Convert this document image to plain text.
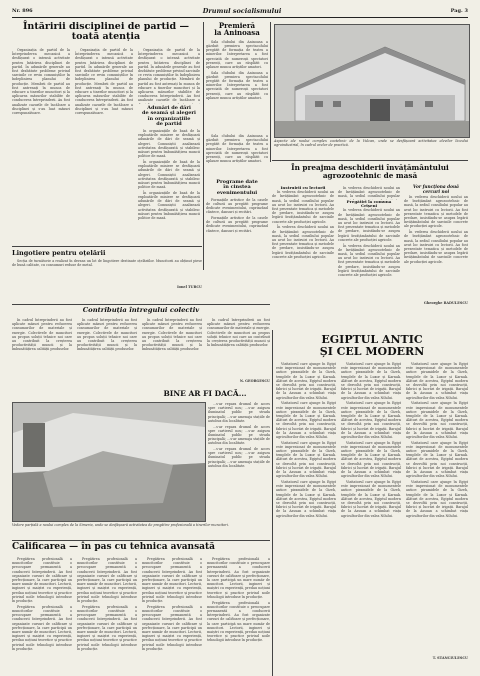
Nr. 896	Drumul socialismului	Pag. 3
Întăririi disciplinei de partid —
toată atenția

Organizația de partid de la Întreprinderea mecanică a desfășurat o intensă activitate pentru întărirea disciplinei de partid. În adunările generale au fost dezbătute probleme privind sarcinile ce revin comuniștilor în îndeplinirea planului de producție. Membrii de partid au fost antrenați în munca de educare a tinerilor muncitori și la aplicarea măsurilor stabilite de conducerea întreprinderii. Au fost analizate cazurile de încălcare a disciplinei și s-au luat măsuri corespunzătoare.

Organizația de partid de la Întreprinderea mecanică a desfășurat o intensă activitate pentru întărirea disciplinei de partid. În adunările generale au fost dezbătute probleme privind sarcinile ce revin comuniștilor în îndeplinirea planului de producție. Membrii de partid au fost antrenați în munca de educare a tinerilor muncitori și la aplicarea măsurilor stabilite de conducerea întreprinderii. Au fost analizate cazurile de încălcare a disciplinei și s-au luat măsuri corespunzătoare.

Organizația de partid de la Întreprinderea mecanică a desfășurat o intensă activitate pentru întărirea disciplinei de partid. În adunările generale au fost dezbătute probleme privind sarcinile ce revin comuniștilor în îndeplinirea planului de producție. Membrii de partid au fost antrenați în munca de educare a tinerilor muncitori și la aplicarea măsurilor stabilite de conducerea întreprinderii. Au fost analizate cazurile de încălcare a

Adunări de dări
de seamă și alegeri
în organizațiile
de partid

În organizațiile de bază de la exploatările miniere se desfășoară adunările de dări de seamă și alegeri. Comuniștii analizează activitatea desfășurată și stabilesc măsuri pentru îmbunătățirea muncii politice de masă.

În organizațiile de bază de la exploatările miniere se desfășoară adunările de dări de seamă și alegeri. Comuniștii analizează activitatea desfășurată și stabilesc măsuri pentru îmbunătățirea muncii politice de masă.

În organizațiile de bază de la exploatările miniere se desfășoară adunările de dări de seamă și alegeri. Comuniștii analizează activitatea desfășurată și stabilesc măsuri pentru îmbunătățirea muncii politice de masă.

Premieră
la Aninoasa

Sala clubului din Aninoasa a găzduit premiera spectacolului pregătit de formația de teatru a minerilor. Interpretarea a fost apreciată de numeroșii spectatori prezenți, care au răsplătit cu aplauze munca artiștilor amatori.

Sala clubului din Aninoasa a găzduit premiera spectacolului pregătit de formația de teatru a minerilor. Interpretarea a fost apreciată de numeroșii spectatori prezenți, care au răsplătit cu aplauze munca artiștilor amatori.

Sala clubului din Aninoasa a găzduit premiera spectacolului pregătit de formația de teatru a minerilor. Interpretarea a fost apreciată de numeroșii spectatori prezenți, care au răsplătit cu aplauze munca artiștilor amatori.

Programe date
în cinstea
evenimentului

Formațiile artistice de la casele de cultură au pregătit programe dedicate evenimentului, cuprinzând cântece, dansuri și recitări.

Formațiile artistice de la casele de cultură au pregătit programe dedicate evenimentului, cuprinzând cântece, dansuri și recitări.

Aspecte ale noului complex zootehnic de la Vulcan, unde se desfășoară activitatea elevilor liceului agroindustrial, în cadrul orelor de practică.
În preajma deschiderii învățământului
agrozootehnic de masă
Instruirii cu lectorii

În vederea deschiderii noului an de învățământ agrozootehnic de masă, la sediul consiliului popular au avut loc instruiri cu lectorii. Au fost prezentate tematica și metodele de predare, insistându-se asupra legării învățământului de sarcinile concrete ale producției agricole.

În vederea deschiderii noului an de învățământ agrozootehnic de masă, la sediul consiliului popular au avut loc instruiri cu lectorii. Au fost prezentate tematica și metodele de predare, insistându-se asupra legării învățământului de sarcinile concrete ale producției agricole.

În vederea deschiderii noului an de învățământ agrozootehnic de masă, la sediul consiliului popular

Pregătiri la comuna Crișeni

În vederea deschiderii noului an de învățământ agrozootehnic de masă, la sediul consiliului popular au avut loc instruiri cu lectorii. Au fost prezentate tematica și metodele de predare, insistându-se asupra legării învățământului de sarcinile concrete ale producției agricole.

În vederea deschiderii noului an de învățământ agrozootehnic de masă, la sediul consiliului popular au avut loc instruiri cu lectorii. Au fost prezentate tematica și metodele de predare, insistându-se asupra legării învățământului de sarcinile concrete ale producției agricole.

Vor funcționa două cercuri noi

În vederea deschiderii noului an de învățământ agrozootehnic de masă, la sediul consiliului popular au avut loc instruiri cu lectorii. Au fost prezentate tematica și metodele de predare, insistându-se asupra legării învățământului de sarcinile concrete ale producției agricole.

În vederea deschiderii noului an de învățământ agrozootehnic de masă, la sediul consiliului popular au avut loc instruiri cu lectorii. Au fost prezentate tematica și metodele de predare, insistându-se asupra legării învățământului de sarcinile concrete ale producției agricole.

Gheorghe RADULESCU
Lingotiere pentru oțelării

Secția de turnătorie a realizat în devans un lot de lingotiere destinate oțelăriilor. Muncitorii au obținut piese de bună calitate, cu consumuri reduse de metal.

Ionel TURCU
Contribuția întregului colectiv

În cadrul întreprinderii au fost aplicate măsuri pentru reducerea consumurilor de materiale și energie. Colectivele de muncitori au propus soluții tehnice noi care au contribuit la creșterea productivității muncii și la îmbunătățirea calității produselor.

În cadrul întreprinderii au fost aplicate măsuri pentru reducerea consumurilor de materiale și energie. Colectivele de muncitori au propus soluții tehnice noi care au contribuit la creșterea productivității muncii și la îmbunătățirea calității produselor.

În cadrul întreprinderii au fost aplicate măsuri pentru reducerea consumurilor de materiale și energie. Colectivele de muncitori au propus soluții tehnice noi care au contribuit la creșterea productivității muncii și la îmbunătățirea calității produselor.

În cadrul întreprinderii au fost aplicate măsuri pentru reducerea consumurilor de materiale și energie. Colectivele de muncitori au propus soluții tehnice noi care au contribuit la creșterea productivității muncii și la îmbunătățirea calității produselor.

N. GEORGESCU
BINE AR FI DACĂ...

...s-ar repara drumul de acces spre cartierul nou; ...s-ar asigura iluminatul public pe strada principală; ...s-ar amenaja stațiile de autobuz din localitate.

...s-ar repara drumul de acces spre cartierul nou; ...s-ar asigura iluminatul public pe strada principală; ...s-ar amenaja stațiile de autobuz din localitate.

...s-ar repara drumul de acces spre cartierul nou; ...s-ar asigura iluminatul public pe strada principală; ...s-ar amenaja stațiile de autobuz din localitate.

Vedere parțială a noului complex de la Simeria, unde se desfășoară activitatea de pregătire profesională a tinerilor muncitori.
EGIPTUL ANTIC
ȘI CEL MODERN

Vizitatorul care ajunge în Egipt este impresionat de monumentele antice: piramidele de la Gizeh, templele de la Luxor și Karnak. Alături de acestea, Egiptul modern se dezvoltă prin noi construcții, fabrici și lucrări de irigații. Barajul de la Assuan a schimbat viața agricultorilor din valea Nilului.

Vizitatorul care ajunge în Egipt este impresionat de monumentele antice: piramidele de la Gizeh, templele de la Luxor și Karnak. Alături de acestea, Egiptul modern se dezvoltă prin noi construcții, fabrici și lucrări de irigații. Barajul de la Assuan a schimbat viața agricultorilor din valea Nilului.

Vizitatorul care ajunge în Egipt este impresionat de monumentele antice: piramidele de la Gizeh, templele de la Luxor și Karnak. Alături de acestea, Egiptul modern se dezvoltă prin noi construcții, fabrici și lucrări de irigații. Barajul de la Assuan a schimbat viața agricultorilor din valea Nilului.

Vizitatorul care ajunge în Egipt este impresionat de monumentele antice: piramidele de la Gizeh, templele de la Luxor și Karnak. Alături de acestea, Egiptul modern se dezvoltă prin noi construcții, fabrici și lucrări de irigații. Barajul de la Assuan a schimbat viața agricultorilor din valea Nilului.

Vizitatorul care ajunge în Egipt este impresionat de monumentele antice: piramidele de la Gizeh, templele de la Luxor și Karnak. Alături de acestea, Egiptul modern se dezvoltă prin noi construcții, fabrici și lucrări de irigații. Barajul de la Assuan a schimbat viața agricultorilor din valea Nilului.

Vizitatorul care ajunge în Egipt este impresionat de monumentele antice: piramidele de la Gizeh, templele de la Luxor și Karnak. Alături de acestea, Egiptul modern se dezvoltă prin noi construcții, fabrici și lucrări de irigații. Barajul de la Assuan a schimbat viața agricultorilor din valea Nilului.

Vizitatorul care ajunge în Egipt este impresionat de monumentele antice: piramidele de la Gizeh, templele de la Luxor și Karnak. Alături de acestea, Egiptul modern se dezvoltă prin noi construcții, fabrici și lucrări de irigații. Barajul de la Assuan a schimbat viața agricultorilor din valea Nilului.

Vizitatorul care ajunge în Egipt este impresionat de monumentele antice: piramidele de la Gizeh, templele de la Luxor și Karnak. Alături de acestea, Egiptul modern se dezvoltă prin noi construcții, fabrici și lucrări de irigații. Barajul de la Assuan a schimbat viața agricultorilor din valea Nilului.

Vizitatorul care ajunge în Egipt este impresionat de monumentele antice: piramidele de la Gizeh, templele de la Luxor și Karnak. Alături de acestea, Egiptul modern se dezvoltă prin noi construcții, fabrici și lucrări de irigații. Barajul de la Assuan a schimbat viața agricultorilor din valea Nilului.

Vizitatorul care ajunge în Egipt este impresionat de monumentele antice: piramidele de la Gizeh, templele de la Luxor și Karnak. Alături de acestea, Egiptul modern se dezvoltă prin noi construcții, fabrici și lucrări de irigații. Barajul de la Assuan a schimbat viața agricultorilor din valea Nilului.

Vizitatorul care ajunge în Egipt este impresionat de monumentele antice: piramidele de la Gizeh, templele de la Luxor și Karnak. Alături de acestea, Egiptul modern se dezvoltă prin noi construcții, fabrici și lucrări de irigații. Barajul de la Assuan a schimbat viața agricultorilor din valea Nilului.

Vizitatorul care ajunge în Egipt este impresionat de monumentele antice: piramidele de la Gizeh, templele de la Luxor și Karnak. Alături de acestea, Egiptul modern se dezvoltă prin noi construcții, fabrici și lucrări de irigații. Barajul de la Assuan a schimbat viața agricultorilor din valea Nilului.

T. STANCIULESCU
Calificarea — în pas cu tehnica avansată

Pregătirea profesională a muncitorilor constituie o preocupare permanentă a conducerii întreprinderii. Au fost organizate cursuri de calificare și perfecționare, la care participă un mare număr de muncitori. Lectorii, ingineri și maiștri cu experiență, predau noțiuni teoretice și practice privind noile tehnologii introduse în producție.

Pregătirea profesională a muncitorilor constituie o preocupare permanentă a conducerii întreprinderii. Au fost organizate cursuri de calificare și perfecționare, la care participă un mare număr de muncitori. Lectorii, ingineri și maiștri cu experiență, predau noțiuni teoretice și practice privind noile tehnologii introduse în producție.

Pregătirea profesională a muncitorilor constituie o preocupare permanentă a conducerii întreprinderii. Au fost organizate cursuri de calificare și perfecționare, la care participă un mare număr de muncitori. Lectorii, ingineri și maiștri cu experiență, predau noțiuni teoretice și practice privind noile tehnologii introduse în producție.

Pregătirea profesională a muncitorilor constituie o preocupare permanentă a conducerii întreprinderii. Au fost organizate cursuri de calificare și perfecționare, la care participă un mare număr de muncitori. Lectorii, ingineri și maiștri cu experiență, predau noțiuni teoretice și practice privind noile tehnologii introduse în producție.

Pregătirea profesională a muncitorilor constituie o preocupare permanentă a conducerii întreprinderii. Au fost organizate cursuri de calificare și perfecționare, la care participă un mare număr de muncitori. Lectorii, ingineri și maiștri cu experiență, predau noțiuni teoretice și practice privind noile tehnologii introduse în producție.

Pregătirea profesională a muncitorilor constituie o preocupare permanentă a conducerii întreprinderii. Au fost organizate cursuri de calificare și perfecționare, la care participă un mare număr de muncitori. Lectorii, ingineri și maiștri cu experiență, predau noțiuni teoretice și practice privind noile tehnologii introduse în producție.

Pregătirea profesională a muncitorilor constituie o preocupare permanentă a conducerii întreprinderii. Au fost organizate cursuri de calificare și perfecționare, la care participă un mare număr de muncitori. Lectorii, ingineri și maiștri cu experiență, predau noțiuni teoretice și practice privind noile tehnologii introduse în producție.

Pregătirea profesională a muncitorilor constituie o preocupare permanentă a conducerii întreprinderii. Au fost organizate cursuri de calificare și perfecționare, la care participă un mare număr de muncitori. Lectorii, ingineri și maiștri cu experiență, predau noțiuni teoretice și practice privind noile tehnologii introduse în producție.
